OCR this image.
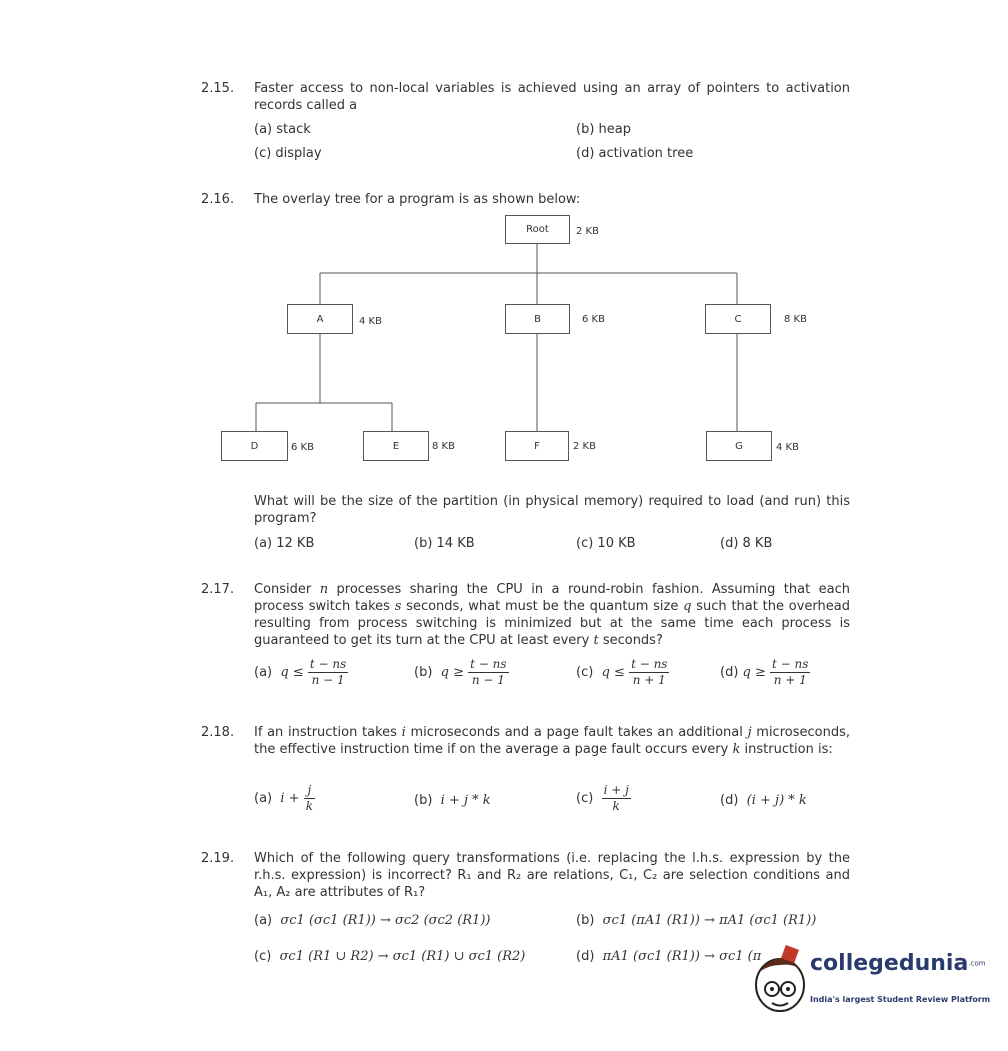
2.15. Faster access to non-local variables is achieved using an array of pointers to activation records called a
(a) stack	(b) heap
(c) display	(d) activation tree
2.16. The overlay tree for a program is as shown below:
Root	2 KB
A	4 KB	B	6 KB	C	8 KB
D	6 KB	E	8 KB	F	2 KB	G	4 KB
What will be the size of the partition (in physical memory) required to load (and run) this program?
(a) 12 KB	(b) 14 KB	(c) 10 KB	(d) 8 KB
2.17. Consider n processes sharing the CPU in a round-robin fashion. Assuming that each process switch takes s seconds, what must be the quantum size q such that the overhead resulting from process switching is minimized but at the same time each process is guaranteed to get its turn at the CPU at least every t seconds?
(a) $q \le \frac{t - ns}{n - 1}$	(b) $q \ge \frac{t - ns}{n - 1}$	(c) $q \le \frac{t - ns}{n + 1}$	(d) $q \ge \frac{t - ns}{n + 1}$
2.18. If an instruction takes i microseconds and a page fault takes an additional j microseconds, the effective instruction time if on the average a page fault occurs every k instruction is:
(a) $i + \frac{j}{k}$	(b) i + j * k	$(c) \frac{i + j}{k}$	(d) (i + j) * k
2.19. Which of the following query transformations (i.e. replacing the l.h.s. expression by the r.h.s. expression) is incorrect? R₁ and R₂ are relations, C₁, C₂ are selection conditions and A₁, A₂ are attributes of R₁?
(a) σc1 (σc1 (R1)) → σc2 (σc2 (R1))	(b) σc1 (πA1 (R1)) → πA1 (σc1 (R1))
(c) σc1 (R1 ∪ R2) → σc1 (R1) ∪ σc1 (R2)	(d) πA1 (σc1 (R1)) → σc1 (π collegedunia.com
India's largest Student Review Platform
